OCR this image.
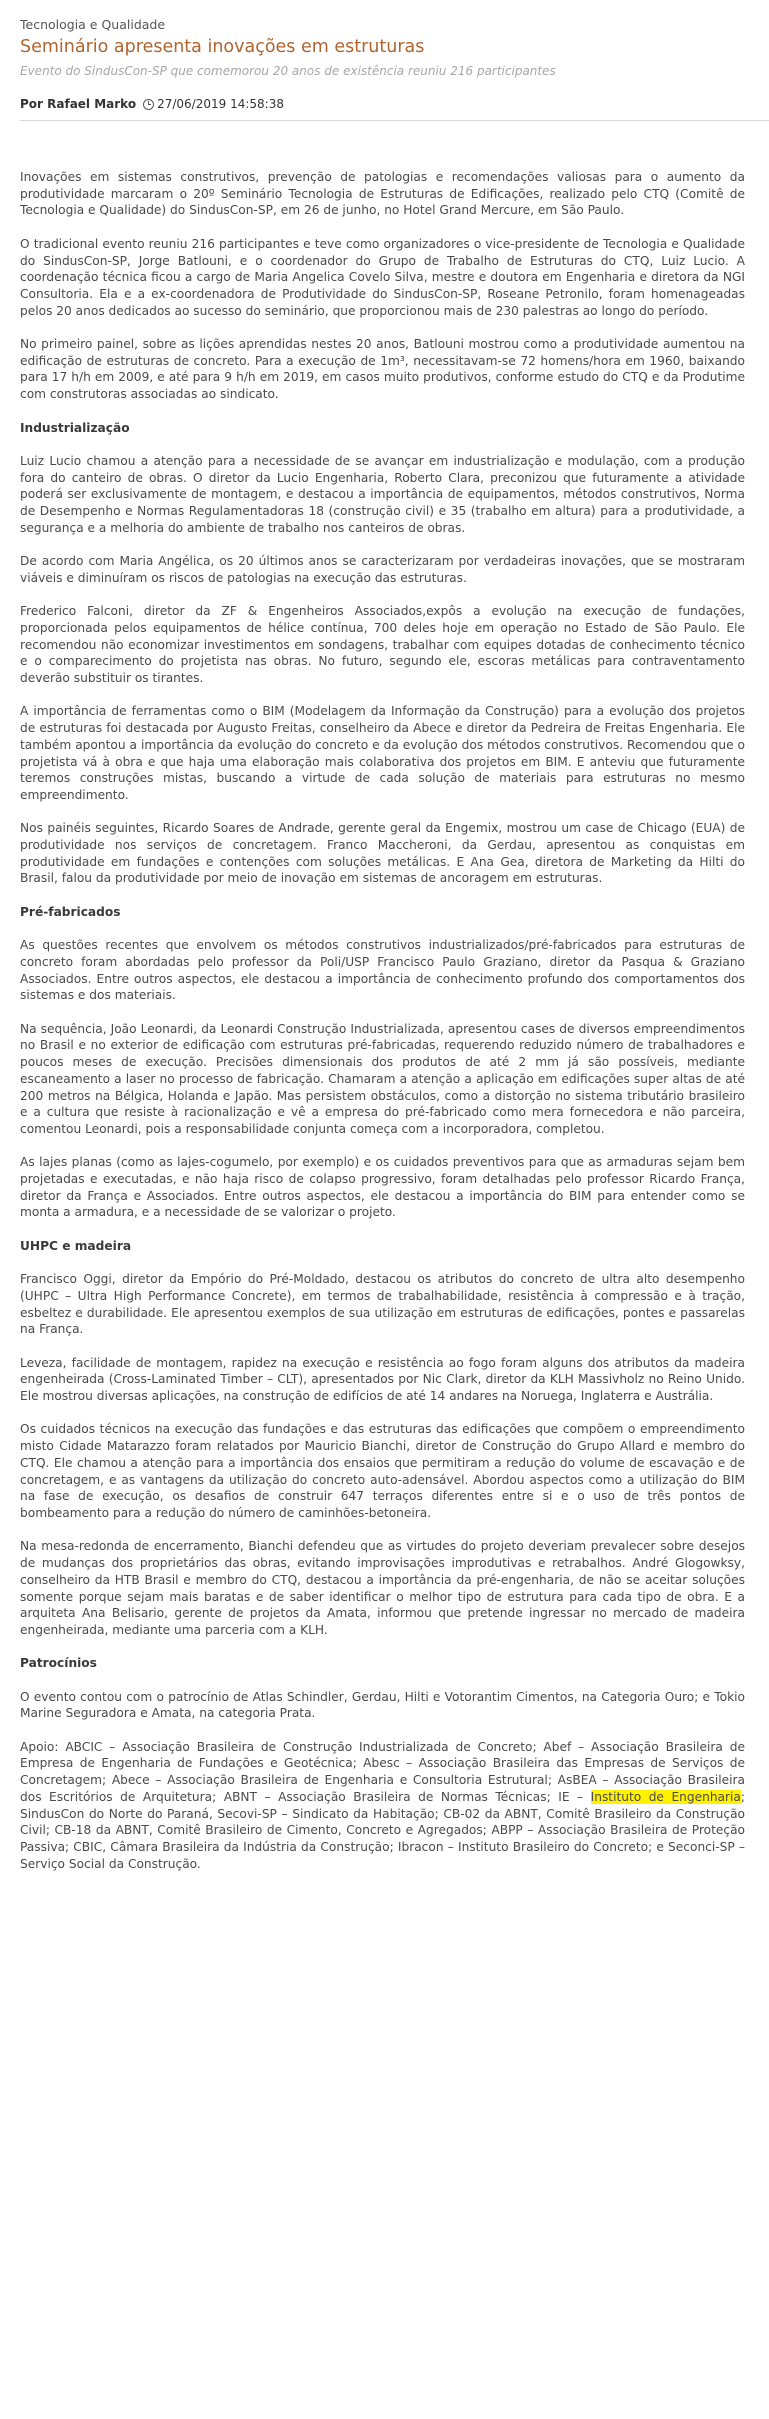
Tecnologia e Qualidade
Seminário apresenta inovações em estruturas
Evento do SindusCon-SP que comemorou 20 anos de existência reuniu 216 participantes
Por Rafael Marko 27/06/2019 14:58:38

Inovações em sistemas construtivos, prevenção de patologias e recomendações valiosas para o aumento da produtividade marcaram o 20º Seminário Tecnologia de Estruturas de Edificações, realizado pelo CTQ (Comitê de Tecnologia e Qualidade) do SindusCon-SP, em 26 de junho, no Hotel Grand Mercure, em São Paulo.

O tradicional evento reuniu 216 participantes e teve como organizadores o vice-presidente de Tecnologia e Qualidade do SindusCon-SP, Jorge Batlouni, e o coordenador do Grupo de Trabalho de Estruturas do CTQ, Luiz Lucio. A coordenação técnica ficou a cargo de Maria Angelica Covelo Silva, mestre e doutora em Engenharia e diretora da NGI Consultoria. Ela e a ex-coordenadora de Produtividade do SindusCon-SP, Roseane Petronilo, foram homenageadas pelos 20 anos dedicados ao sucesso do seminário, que proporcionou mais de 230 palestras ao longo do período.

No primeiro painel, sobre as lições aprendidas nestes 20 anos, Batlouni mostrou como a produtividade aumentou na edificação de estruturas de concreto. Para a execução de 1m³, necessitavam-se 72 homens/hora em 1960, baixando para 17 h/h em 2009, e até para 9 h/h em 2019, em casos muito produtivos, conforme estudo do CTQ e da Produtime com construtoras associadas ao sindicato.

Industrialização

Luiz Lucio chamou a atenção para a necessidade de se avançar em industrialização e modulação, com a produção fora do canteiro de obras. O diretor da Lucio Engenharia, Roberto Clara, preconizou que futuramente a atividade poderá ser exclusivamente de montagem, e destacou a importância de equipamentos, métodos construtivos, Norma de Desempenho e Normas Regulamentadoras 18 (construção civil) e 35 (trabalho em altura) para a produtividade, a segurança e a melhoria do ambiente de trabalho nos canteiros de obras.

De acordo com Maria Angélica, os 20 últimos anos se caracterizaram por verdadeiras inovações, que se mostraram viáveis e diminuíram os riscos de patologias na execução das estruturas.

Frederico Falconi, diretor da ZF & Engenheiros Associados,expôs a evolução na execução de fundações, proporcionada pelos equipamentos de hélice contínua, 700 deles hoje em operação no Estado de São Paulo. Ele recomendou não economizar investimentos em sondagens, trabalhar com equipes dotadas de conhecimento técnico e o comparecimento do projetista nas obras. No futuro, segundo ele, escoras metálicas para contraventamento deverão substituir os tirantes.

A importância de ferramentas como o BIM (Modelagem da Informação da Construção) para a evolução dos projetos de estruturas foi destacada por Augusto Freitas, conselheiro da Abece e diretor da Pedreira de Freitas Engenharia. Ele também apontou a importância da evolução do concreto e da evolução dos métodos construtivos. Recomendou que o projetista vá à obra e que haja uma elaboração mais colaborativa dos projetos em BIM. E anteviu que futuramente teremos construções mistas, buscando a virtude de cada solução de materiais para estruturas no mesmo empreendimento.

Nos painéis seguintes, Ricardo Soares de Andrade, gerente geral da Engemix, mostrou um case de Chicago (EUA) de produtividade nos serviços de concretagem. Franco Maccheroni, da Gerdau, apresentou as conquistas em produtividade em fundações e contenções com soluções metálicas. E Ana Gea, diretora de Marketing da Hilti do Brasil, falou da produtividade por meio de inovação em sistemas de ancoragem em estruturas.

Pré-fabricados

As questões recentes que envolvem os métodos construtivos industrializados/pré-fabricados para estruturas de concreto foram abordadas pelo professor da Poli/USP Francisco Paulo Graziano, diretor da Pasqua & Graziano Associados. Entre outros aspectos, ele destacou a importância de conhecimento profundo dos comportamentos dos sistemas e dos materiais.

Na sequência, João Leonardi, da Leonardi Construção Industrializada, apresentou cases de diversos empreendimentos no Brasil e no exterior de edificação com estruturas pré-fabricadas, requerendo reduzido número de trabalhadores e poucos meses de execução. Precisões dimensionais dos produtos de até 2 mm já são possíveis, mediante escaneamento a laser no processo de fabricação. Chamaram a atenção a aplicação em edificações super altas de até 200 metros na Bélgica, Holanda e Japão. Mas persistem obstáculos, como a distorção no sistema tributário brasileiro e a cultura que resiste à racionalização e vê a empresa do pré-fabricado como mera fornecedora e não parceira, comentou Leonardi, pois a responsabilidade conjunta começa com a incorporadora, completou.

As lajes planas (como as lajes-cogumelo, por exemplo) e os cuidados preventivos para que as armaduras sejam bem projetadas e executadas, e não haja risco de colapso progressivo, foram detalhadas pelo professor Ricardo França, diretor da França e Associados. Entre outros aspectos, ele destacou a importância do BIM para entender como se monta a armadura, e a necessidade de se valorizar o projeto.

UHPC e madeira

Francisco Oggi, diretor da Empório do Pré-Moldado, destacou os atributos do concreto de ultra alto desempenho (UHPC – Ultra High Performance Concrete), em termos de trabalhabilidade, resistência à compressão e à tração, esbeltez e durabilidade. Ele apresentou exemplos de sua utilização em estruturas de edificações, pontes e passarelas na França.

Leveza, facilidade de montagem, rapidez na execução e resistência ao fogo foram alguns dos atributos da madeira engenheirada (Cross-Laminated Timber – CLT), apresentados por Nic Clark, diretor da KLH Massivholz no Reino Unido. Ele mostrou diversas aplicações, na construção de edifícios de até 14 andares na Noruega, Inglaterra e Austrália.

Os cuidados técnicos na execução das fundações e das estruturas das edificações que compõem o empreendimento misto Cidade Matarazzo foram relatados por Mauricio Bianchi, diretor de Construção do Grupo Allard e membro do CTQ. Ele chamou a atenção para a importância dos ensaios que permitiram a redução do volume de escavação e de concretagem, e as vantagens da utilização do concreto auto-adensável. Abordou aspectos como a utilização do BIM na fase de execução, os desafios de construir 647 terraços diferentes entre si e o uso de três pontos de bombeamento para a redução do número de caminhões-betoneira.

Na mesa-redonda de encerramento, Bianchi defendeu que as virtudes do projeto deveriam prevalecer sobre desejos de mudanças dos proprietários das obras, evitando improvisações improdutivas e retrabalhos. André Glogowksy, conselheiro da HTB Brasil e membro do CTQ, destacou a importância da pré-engenharia, de não se aceitar soluções somente porque sejam mais baratas e de saber identificar o melhor tipo de estrutura para cada tipo de obra. E a arquiteta Ana Belisario, gerente de projetos da Amata, informou que pretende ingressar no mercado de madeira engenheirada, mediante uma parceria com a KLH.

Patrocínios

O evento contou com o patrocínio de Atlas Schindler, Gerdau, Hilti e Votorantim Cimentos, na Categoria Ouro; e Tokio Marine Seguradora e Amata, na categoria Prata.

Apoio: ABCIC – Associação Brasileira de Construção Industrializada de Concreto; Abef – Associação Brasileira de Empresa de Engenharia de Fundações e Geotécnica; Abesc – Associação Brasileira das Empresas de Serviços de Concretagem; Abece – Associação Brasileira de Engenharia e Consultoria Estrutural; AsBEA – Associação Brasileira dos Escritórios de Arquitetura; ABNT – Associação Brasileira de Normas Técnicas; IE – Instituto de Engenharia; SindusCon do Norte do Paraná, Secovi-SP – Sindicato da Habitação; CB-02 da ABNT, Comitê Brasileiro da Construção Civil; CB-18 da ABNT, Comitê Brasileiro de Cimento, Concreto e Agregados; ABPP – Associação Brasileira de Proteção Passiva; CBIC, Câmara Brasileira da Indústria da Construção; Ibracon – Instituto Brasileiro do Concreto; e Seconci-SP – Serviço Social da Construção.
